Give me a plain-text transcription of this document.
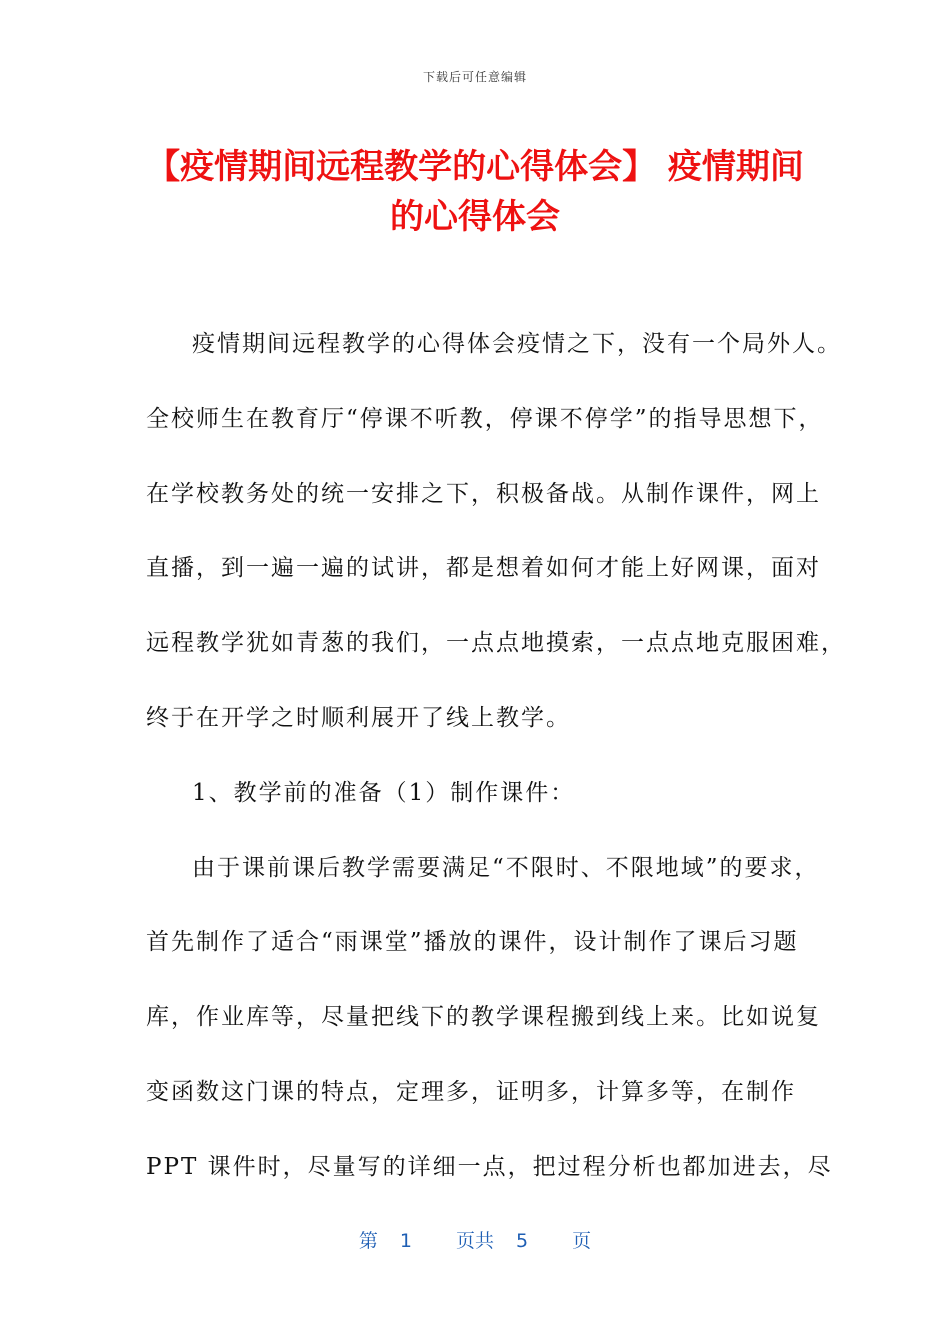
下载后可任意编辑
【疫情期间远程教学的心得体会】 疫情期间的心得体会
疫情期间远程教学的心得体会疫情之下，没有一个局外人。
全校师生在教育厅“停课不听教，停课不停学”的指导思想下，
在学校教务处的统一安排之下，积极备战。从制作课件，网上
直播，到一遍一遍的试讲，都是想着如何才能上好网课，面对
远程教学犹如青葱的我们，一点点地摸索，一点点地克服困难，
终于在开学之时顺利展开了线上教学。
1、教学前的准备（1）制作课件：
由于课前课后教学需要满足“不限时、不限地域”的要求，
首先制作了适合“雨课堂”播放的课件，设计制作了课后习题
库，作业库等，尽量把线下的教学课程搬到线上来。比如说复
变函数这门课的特点，定理多，证明多，计算多等，在制作
PPT 课件时，尽量写的详细一点，把过程分析也都加进去，尽
第 1 页共 5 页
